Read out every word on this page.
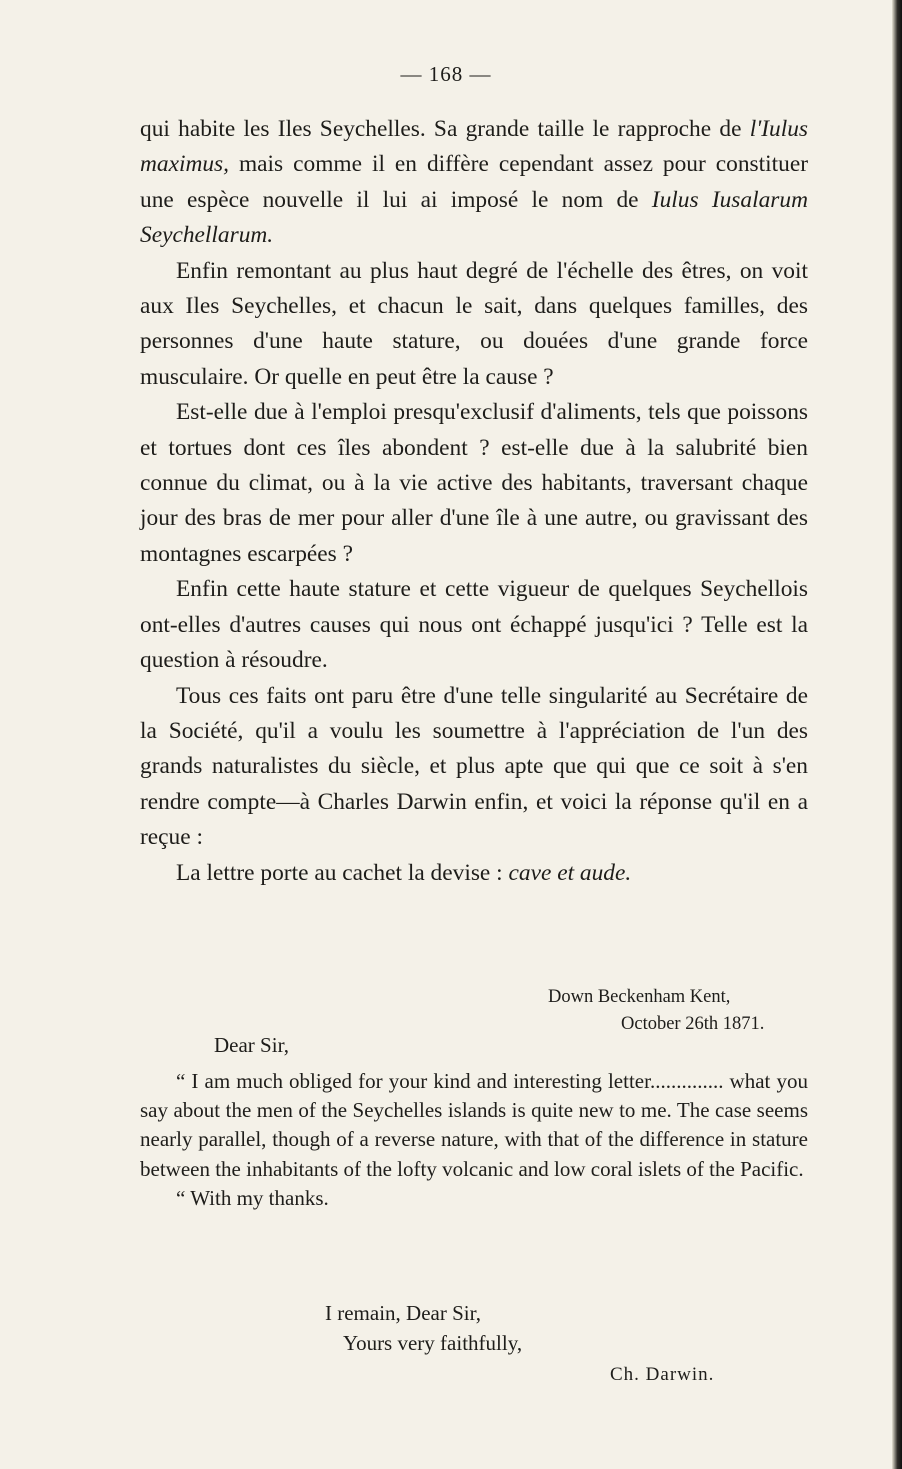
— 168 —

qui habite les Iles Seychelles. Sa grande taille le rapproche de l'Iulus maximus, mais comme il en diffère cependant assez pour constituer une espèce nouvelle il lui ai imposé le nom de Iulus Iusalarum Seychellarum.

Enfin remontant au plus haut degré de l'échelle des êtres, on voit aux Iles Seychelles, et chacun le sait, dans quelques familles, des personnes d'une haute stature, ou douées d'une grande force musculaire. Or quelle en peut être la cause ?

Est-elle due à l'emploi presqu'exclusif d'aliments, tels que poissons et tortues dont ces îles abondent ? est-elle due à la salubrité bien connue du climat, ou à la vie active des habitants, traversant chaque jour des bras de mer pour aller d'une île à une autre, ou gravissant des montagnes escarpées ?

Enfin cette haute stature et cette vigueur de quelques Seychellois ont-elles d'autres causes qui nous ont échappé jusqu'ici ? Telle est la question à résoudre.

Tous ces faits ont paru être d'une telle singularité au Secrétaire de la Société, qu'il a voulu les soumettre à l'appréciation de l'un des grands naturalistes du siècle, et plus apte que qui que ce soit à s'en rendre compte—à Charles Darwin enfin, et voici la réponse qu'il en a reçue :

La lettre porte au cachet la devise : cave et aude.

Down Beckenham Kent,
October 26th 1871.
Dear Sir,

“ I am much obliged for your kind and interesting letter.............. what you say about the men of the Seychelles islands is quite new to me. The case seems nearly parallel, though of a reverse nature, with that of the difference in stature between the inhabitants of the lofty volcanic and low coral islets of the Pacific.

“ With my thanks.

I remain, Dear Sir,
Yours very faithfully,
Ch. Darwin.
